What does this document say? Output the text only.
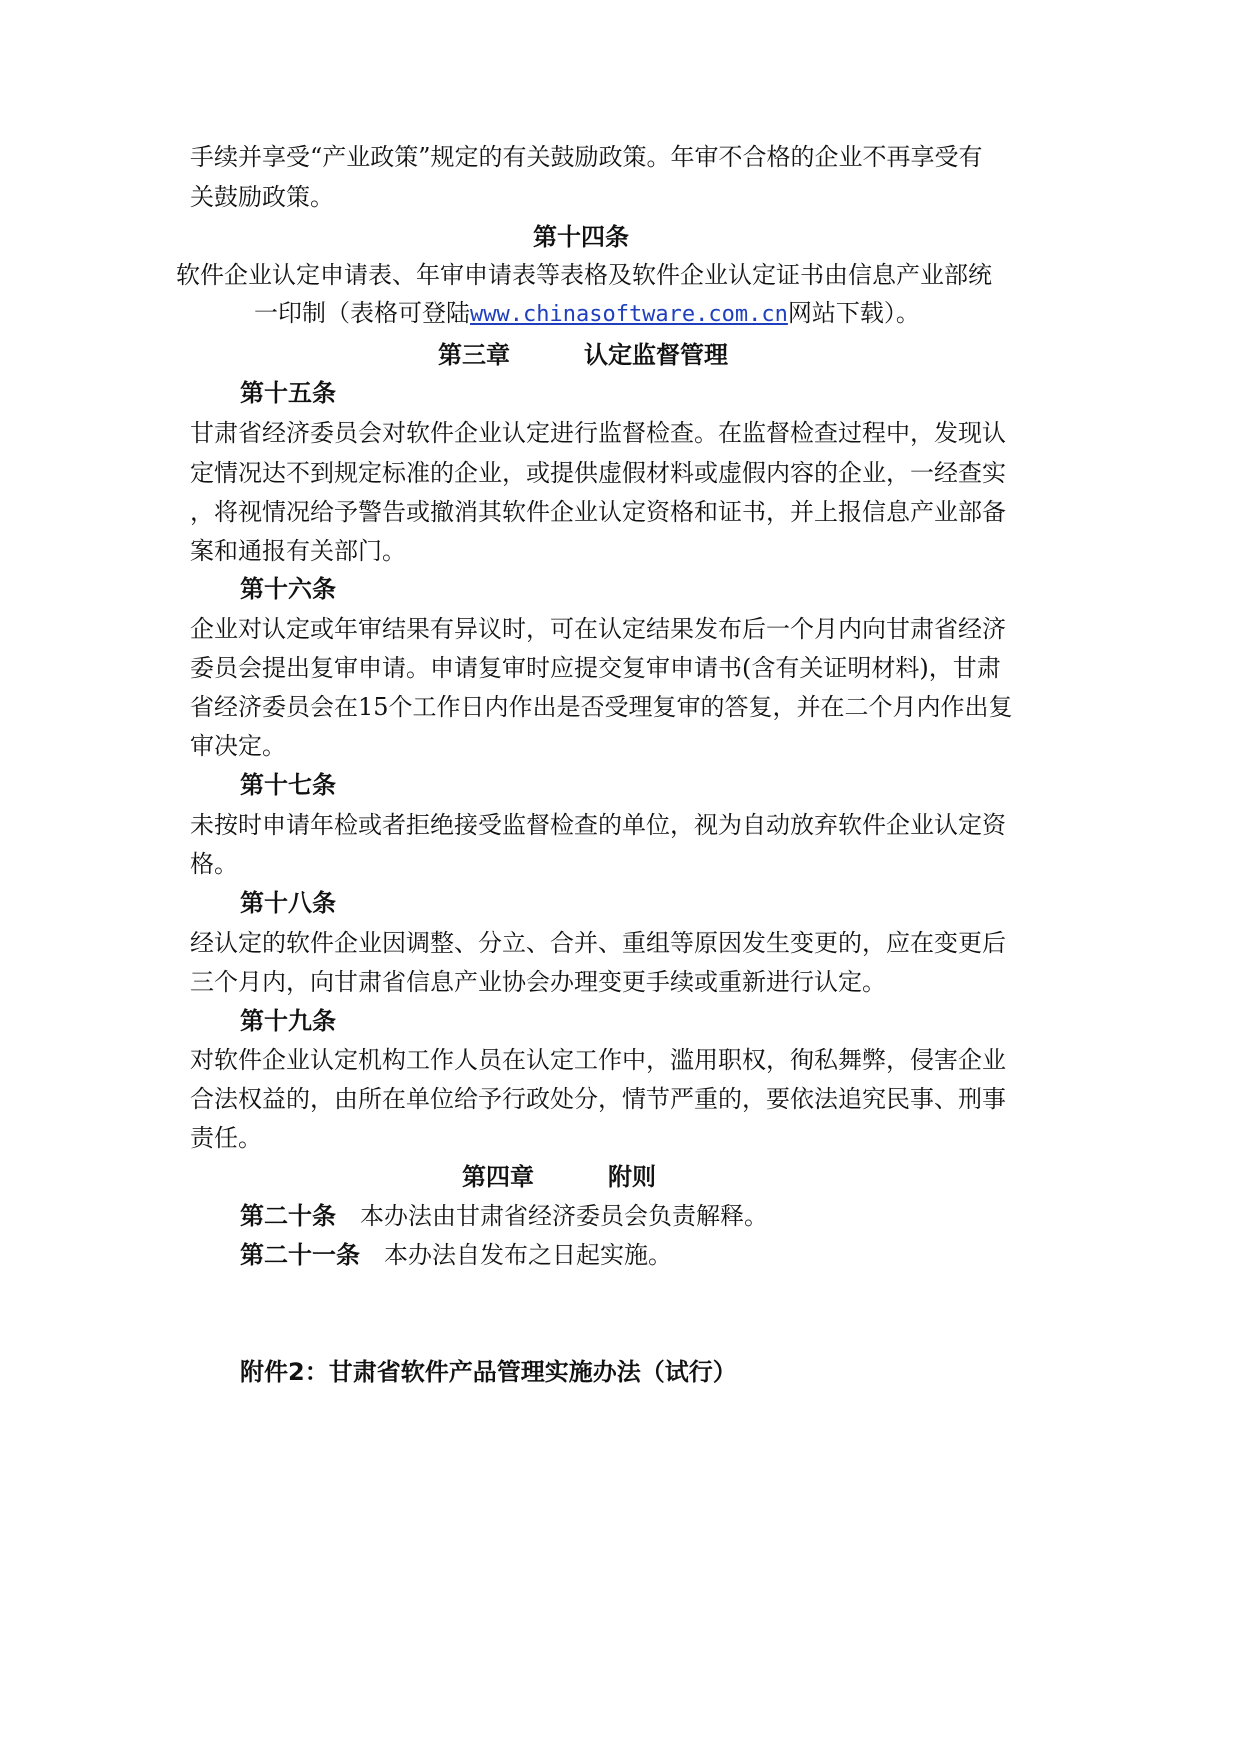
手续并享受“产业政策”规定的有关鼓励政策。年审不合格的企业不再享受有
关鼓励政策。
第十四条
软件企业认定申请表、年审申请表等表格及软件企业认定证书由信息产业部统
一印制（表格可登陆www.chinasoftware.com.cn网站下载）。
第三章	认定监督管理
第十五条
甘肃省经济委员会对软件企业认定进行监督检查。在监督检查过程中，发现认
定情况达不到规定标准的企业，或提供虚假材料或虚假内容的企业，一经查实
，将视情况给予警告或撤消其软件企业认定资格和证书，并上报信息产业部备
案和通报有关部门。
第十六条
企业对认定或年审结果有异议时，可在认定结果发布后一个月内向甘肃省经济
委员会提出复审申请。申请复审时应提交复审申请书(含有关证明材料)，甘肃
省经济委员会在15个工作日内作出是否受理复审的答复，并在二个月内作出复
审决定。
第十七条
未按时申请年检或者拒绝接受监督检查的单位，视为自动放弃软件企业认定资
格。
第十八条
经认定的软件企业因调整、分立、合并、重组等原因发生变更的，应在变更后
三个月内，向甘肃省信息产业协会办理变更手续或重新进行认定。
第十九条
对软件企业认定机构工作人员在认定工作中，滥用职权，徇私舞弊，侵害企业
合法权益的，由所在单位给予行政处分，情节严重的，要依法追究民事、刑事
责任。
第四章	附则
第二十条 本办法由甘肃省经济委员会负责解释。
第二十一条 本办法自发布之日起实施。
附件2：甘肃省软件产品管理实施办法（试行）
